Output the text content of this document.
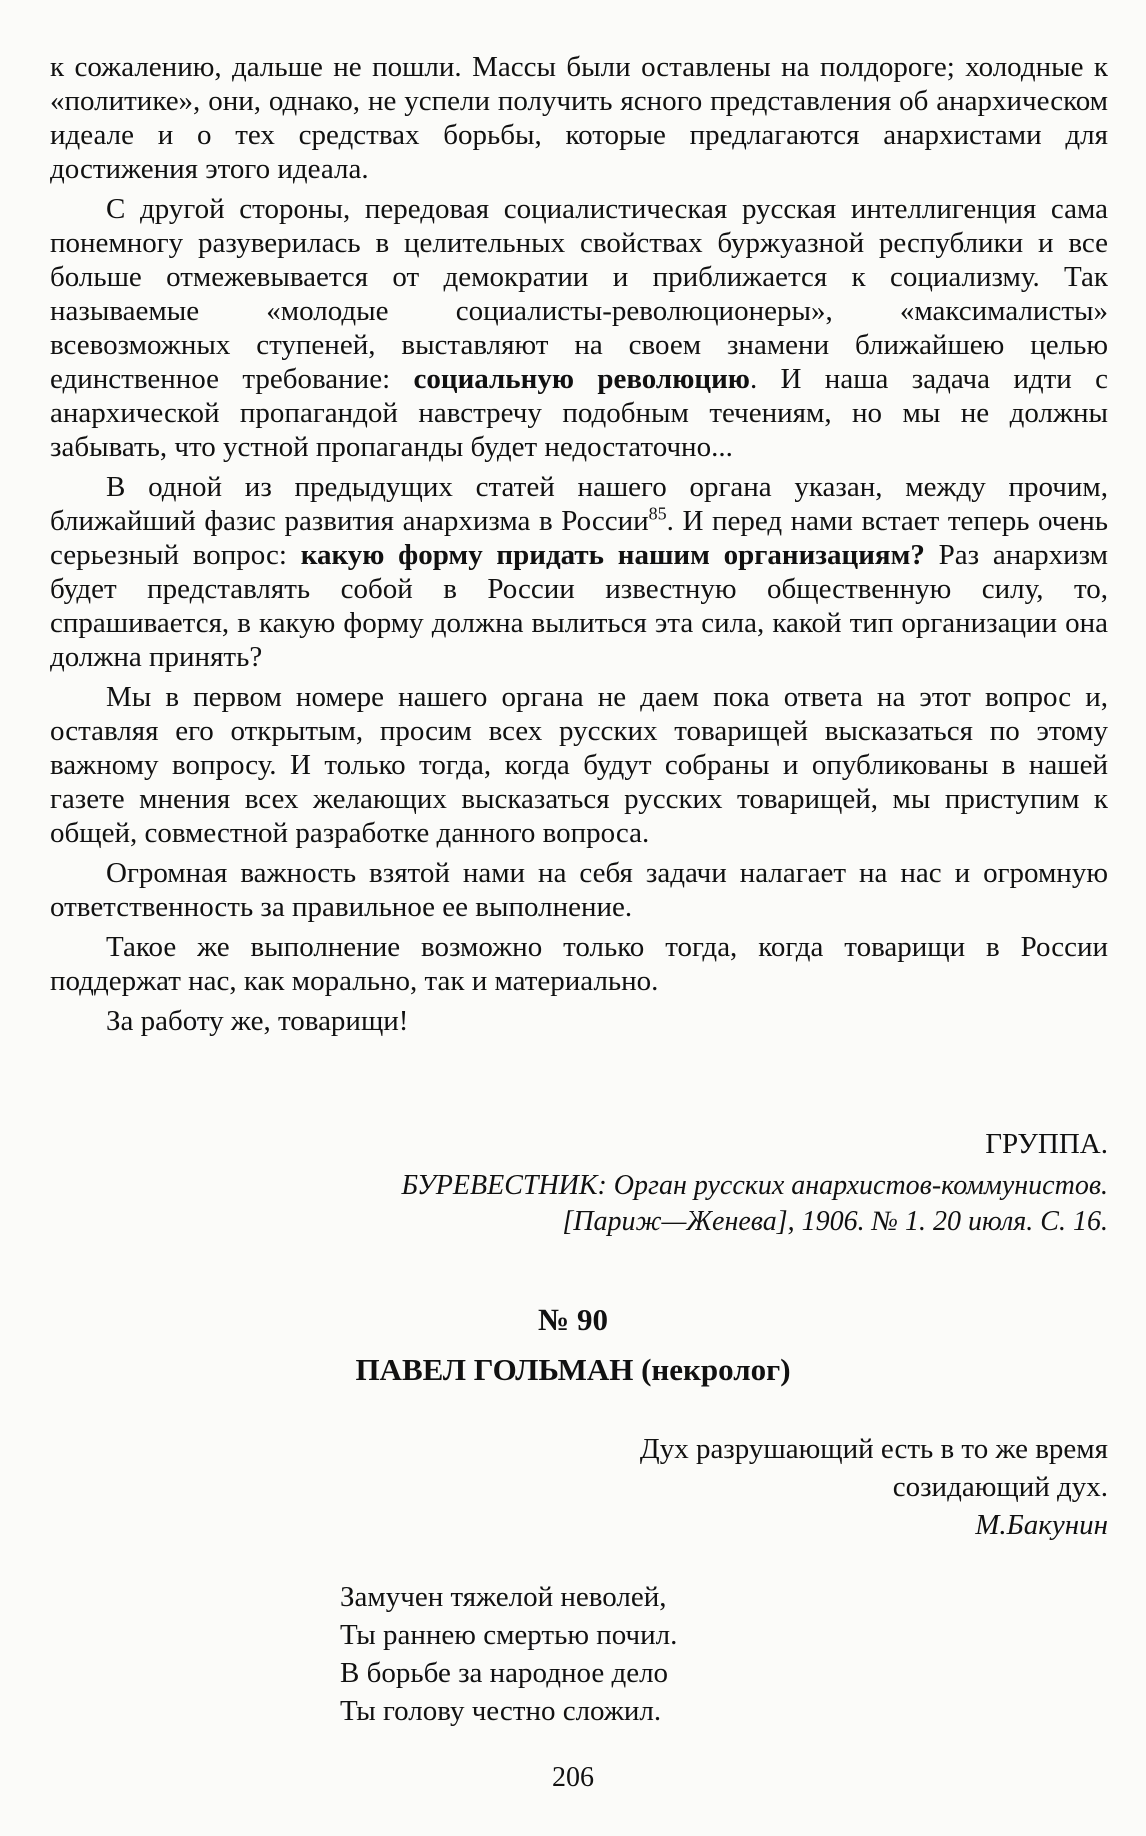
к сожалению, дальше не пошли. Массы были оставлены на полдороге; холодные к «политике», они, однако, не успели получить ясного представления об анархическом идеале и о тех средствах борьбы, которые предлагаются анархистами для достижения этого идеала.

С другой стороны, передовая социалистическая русская интеллигенция сама понемногу разуверилась в целительных свойствах буржуазной республики и все больше отмежевывается от демократии и приближается к социализму. Так называемые «молодые социалисты-революционеры», «максималисты» всевозможных ступеней, выставляют на своем знамени ближайшею целью единственное требование: социальную революцию. И наша задача идти с анархической пропагандой навстречу подобным течениям, но мы не должны забывать, что устной пропаганды будет недостаточно...

В одной из предыдущих статей нашего органа указан, между прочим, ближайший фазис развития анархизма в России$^{85}$. И перед нами встает теперь очень серьезный вопрос: какую форму придать нашим организациям? Раз анархизм будет представлять собой в России известную общественную силу, то, спрашивается, в какую форму должна вылиться эта сила, какой тип организации она должна принять?

Мы в первом номере нашего органа не даем пока ответа на этот вопрос и, оставляя его открытым, просим всех русских товарищей высказаться по этому важному вопросу. И только тогда, когда будут собраны и опубликованы в нашей газете мнения всех желающих высказаться русских товарищей, мы приступим к общей, совместной разработке данного вопроса.

Огромная важность взятой нами на себя задачи налагает на нас и огромную ответственность за правильное ее выполнение.

Такое же выполнение возможно только тогда, когда товарищи в России поддержат нас, как морально, так и материально.

За работу же, товарищи!

ГРУППА.
БУРЕВЕСТНИК: Орган русских анархистов-коммунистов.
[Париж—Женева], 1906. № 1. 20 июля. С. 16.
№ 90
ПАВЕЛ ГОЛЬМАН (некролог)
Дух разрушающий есть в то же время
созидающий дух.
М.Бакунин
Замучен тяжелой неволей,
Ты раннею смертью почил.
В борьбе за народное дело
Ты голову честно сложил.
206
